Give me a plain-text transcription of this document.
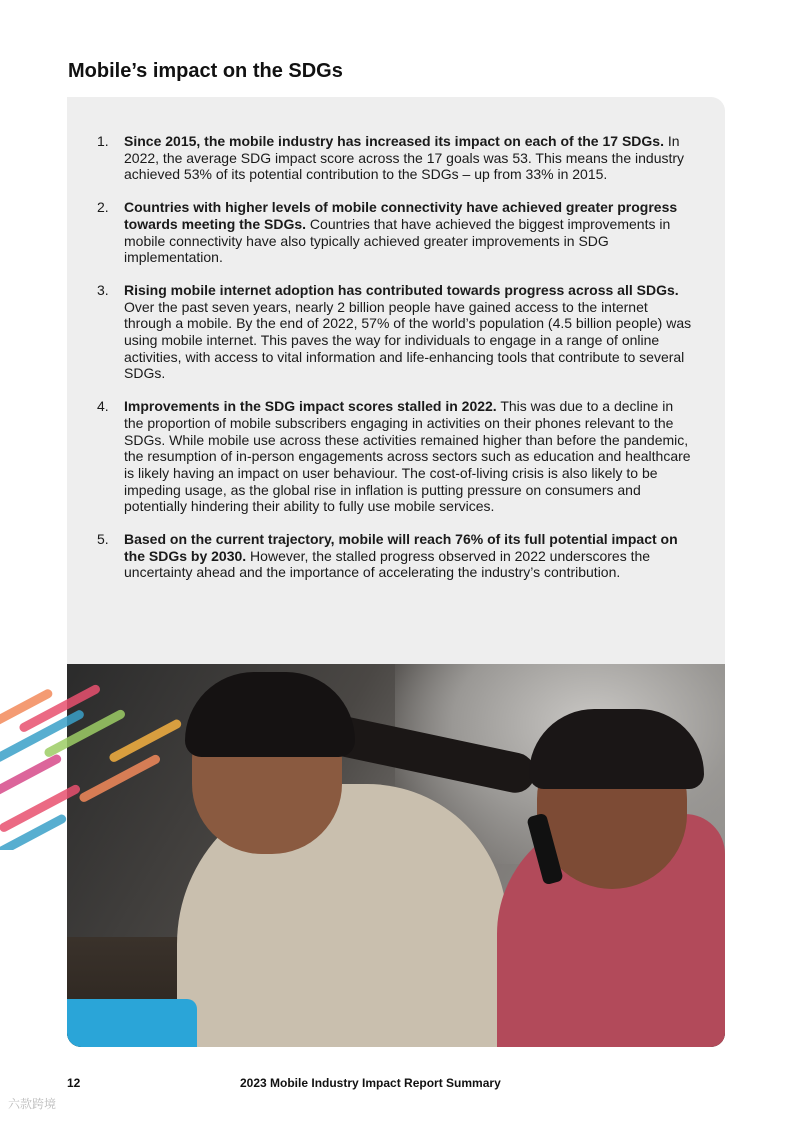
Mobile’s impact on the SDGs
1. Since 2015, the mobile industry has increased its impact on each of the 17 SDGs. In 2022, the average SDG impact score across the 17 goals was 53. This means the industry achieved 53% of its potential contribution to the SDGs – up from 33% in 2015.
2. Countries with higher levels of mobile connectivity have achieved greater progress towards meeting the SDGs. Countries that have achieved the biggest improvements in mobile connectivity have also typically achieved greater improvements in SDG implementation.
3. Rising mobile internet adoption has contributed towards progress across all SDGs. Over the past seven years, nearly 2 billion people have gained access to the internet through a mobile. By the end of 2022, 57% of the world’s population (4.5 billion people) was using mobile internet. This paves the way for individuals to engage in a range of online activities, with access to vital information and life-enhancing tools that contribute to several SDGs.
4. Improvements in the SDG impact scores stalled in 2022. This was due to a decline in the proportion of mobile subscribers engaging in activities on their phones relevant to the SDGs. While mobile use across these activities remained higher than before the pandemic, the resumption of in-person engagements across sectors such as education and healthcare is likely having an impact on user behaviour. The cost-of-living crisis is also likely to be impeding usage, as the global rise in inflation is putting pressure on consumers and potentially hindering their ability to fully use mobile services.
5. Based on the current trajectory, mobile will reach 76% of its full potential impact on the SDGs by 2030. However, the stalled progress observed in 2022 underscores the uncertainty ahead and the importance of accelerating the industry’s contribution.
12	2023 Mobile Industry Impact Report Summary
六款跨境
